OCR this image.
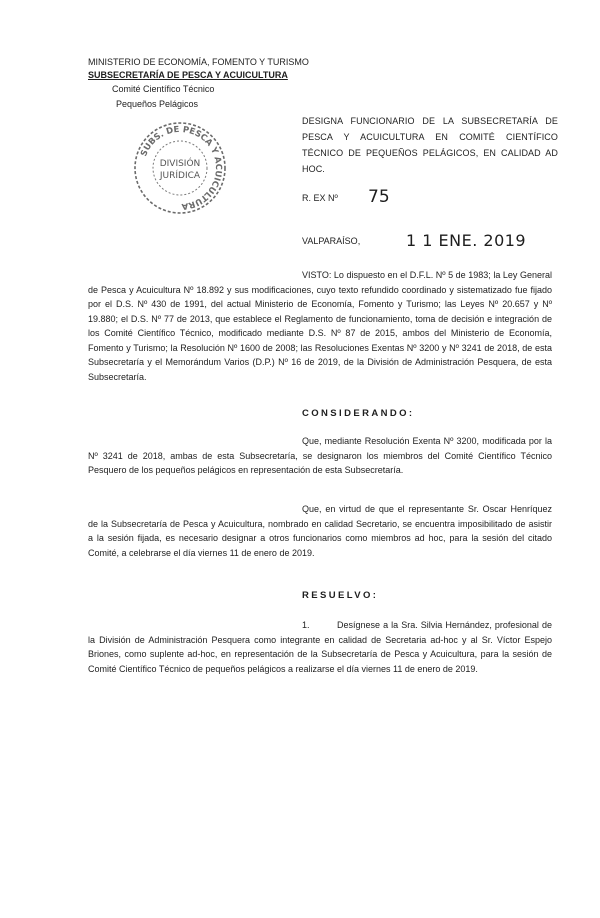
MINISTERIO DE ECONOMÍA, FOMENTO Y TURISMO
SUBSECRETARÍA DE PESCA Y ACUICULTURA
Comité Científico Técnico
Pequeños Pelágicos
SUBS. DE PESCA Y ACUICULTURA
DIVISIÓN
JURÍDICA
DESIGNA FUNCIONARIO DE LA SUBSECRETARÍA DE PESCA Y ACUICULTURA EN COMITÉ CIENTÍFICO TÉCNICO DE PEQUEÑOS PELÁGICOS, EN CALIDAD AD HOC.
R. EX Nº 75
VALPARAÍSO,	1 1 ENE. 2019
VISTO: Lo dispuesto en el D.F.L. Nº 5 de 1983; la Ley General de Pesca y Acuicultura Nº 18.892 y sus modificaciones, cuyo texto refundido coordinado y sistematizado fue fijado por el D.S. Nº 430 de 1991, del actual Ministerio de Economía, Fomento y Turismo; las Leyes Nº 20.657 y Nº 19.880; el D.S. Nº 77 de 2013, que establece el Reglamento de funcionamiento, toma de decisión e integración de los Comité Científico Técnico, modificado mediante D.S. Nº 87 de 2015, ambos del Ministerio de Economía, Fomento y Turismo; la Resolución Nº 1600 de 2008; las Resoluciones Exentas Nº 3200 y Nº 3241 de 2018, de esta Subsecretaría y el Memorándum Varios (D.P.) Nº 16 de 2019, de la División de Administración Pesquera, de esta Subsecretaría.
CONSIDERANDO:
Que, mediante Resolución Exenta Nº 3200, modificada por la Nº 3241 de 2018, ambas de esta Subsecretaría, se designaron los miembros del Comité Científico Técnico Pesquero de los pequeños pelágicos en representación de esta Subsecretaría.
Que, en virtud de que el representante Sr. Oscar Henríquez de la Subsecretaría de Pesca y Acuicultura, nombrado en calidad Secretario, se encuentra imposibilitado de asistir a la sesión fijada, es necesario designar a otros funcionarios como miembros ad hoc, para la sesión del citado Comité, a celebrarse el día viernes 11 de enero de 2019.
RESUELVO:
1.	Desígnese a la Sra. Silvia Hernández, profesional de la División de Administración Pesquera como integrante en calidad de Secretaria ad-hoc y al Sr. Víctor Espejo Briones, como suplente ad-hoc, en representación de la Subsecretaría de Pesca y Acuicultura, para la sesión de Comité Científico Técnico de pequeños pelágicos a realizarse el día viernes 11 de enero de 2019.
